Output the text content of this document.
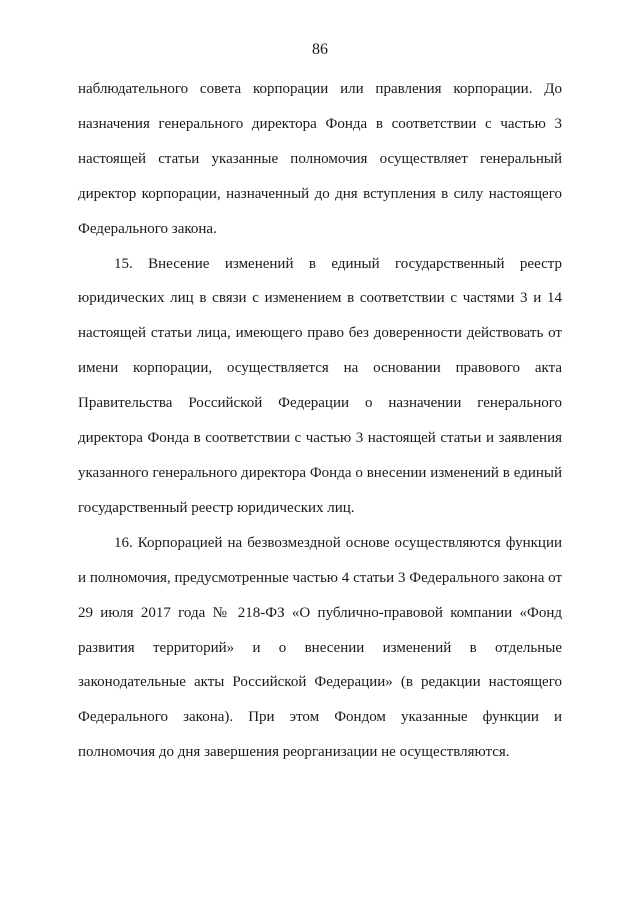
86

наблюдательного совета корпорации или правления корпорации. До назначения генерального директора Фонда в соответствии с частью 3 настоящей статьи указанные полномочия осуществляет генеральный директор корпорации, назначенный до дня вступления в силу настоящего Федерального закона.

15. Внесение изменений в единый государственный реестр юридических лиц в связи с изменением в соответствии с частями 3 и 14 настоящей статьи лица, имеющего право без доверенности действовать от имени корпорации, осуществляется на основании правового акта Правительства Российской Федерации о назначении генерального директора Фонда в соответствии с частью 3 настоящей статьи и заявления указанного генерального директора Фонда о внесении изменений в единый государственный реестр юридических лиц.

16. Корпорацией на безвозмездной основе осуществляются функции и полномочия, предусмотренные частью 4 статьи 3 Федерального закона от 29 июля 2017 года № 218-ФЗ «О публично-правовой компании «Фонд развития территорий» и о внесении изменений в отдельные законодательные акты Российской Федерации» (в редакции настоящего Федерального закона). При этом Фондом указанные функции и полномочия до дня завершения реорганизации не осуществляются.
